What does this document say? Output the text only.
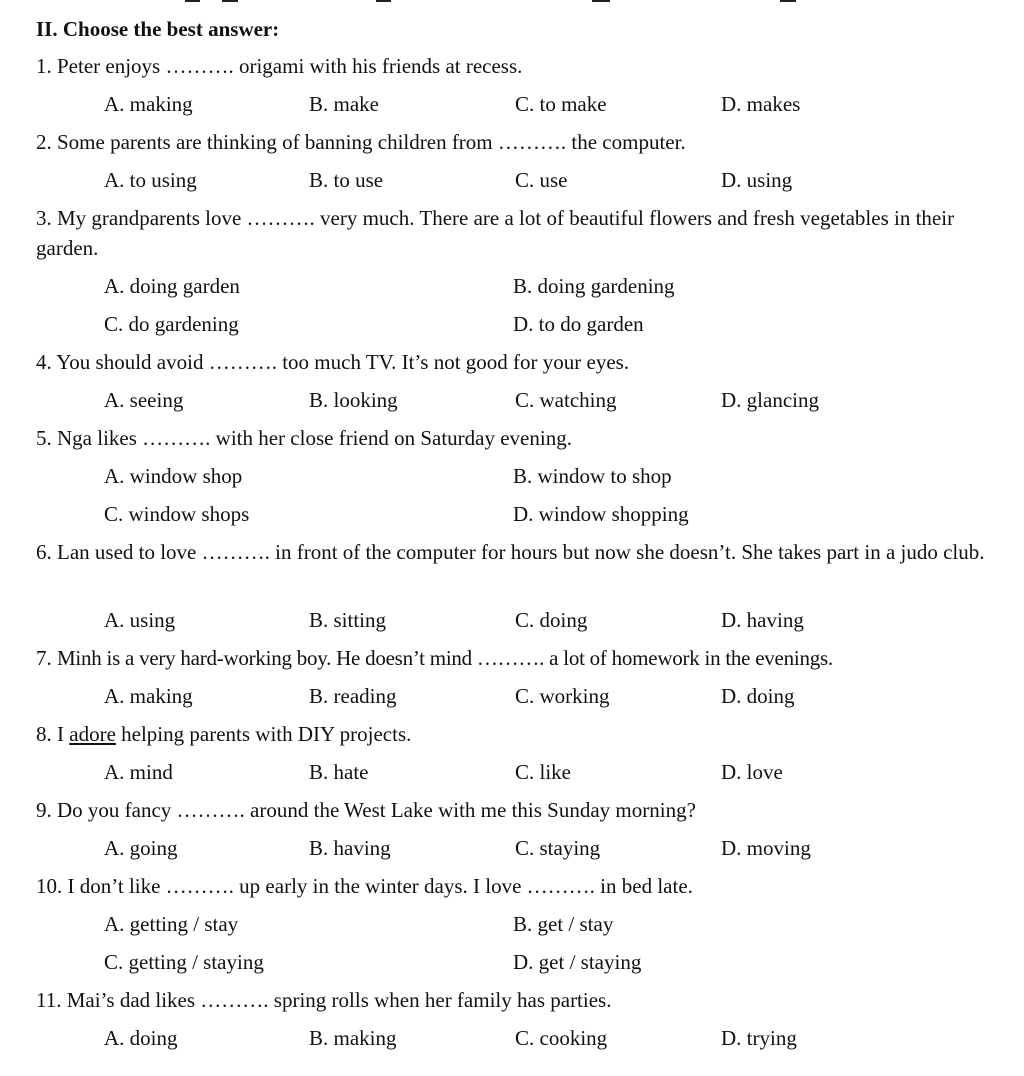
II. Choose the best answer:
1. Peter enjoys ………. origami with his friends at recess.
A. making	B. make	C. to make	D. makes
2. Some parents are thinking of banning children from ………. the computer.
A. to using	B. to use	C. use	D. using
3. My grandparents love ………. very much. There are a lot of beautiful flowers and fresh vegetables in their garden.
A. doing garden	B. doing gardening
C. do gardening	D. to do garden
4. You should avoid ………. too much TV. It’s not good for your eyes.
A. seeing	B. looking	C. watching	D. glancing
5. Nga likes ………. with her close friend on Saturday evening.
A. window shop	B. window to shop
C. window shops	D. window shopping
6. Lan used to love ………. in front of the computer for hours but now she doesn’t. She takes part in a judo club.
A. using	B. sitting	C. doing	D. having
7. Minh is a very hard-working boy. He doesn’t mind ………. a lot of homework in the evenings.
A. making	B. reading	C. working	D. doing
8. I adore helping parents with DIY projects.
A. mind	B. hate	C. like	D. love
9. Do you fancy ………. around the West Lake with me this Sunday morning?
A. going	B. having	C. staying	D. moving
10. I don’t like ………. up early in the winter days. I love ………. in bed late.
A. getting / stay	B. get / stay
C. getting / staying	D. get / staying
11. Mai’s dad likes ………. spring rolls when her family has parties.
A. doing	B. making	C. cooking	D. trying
